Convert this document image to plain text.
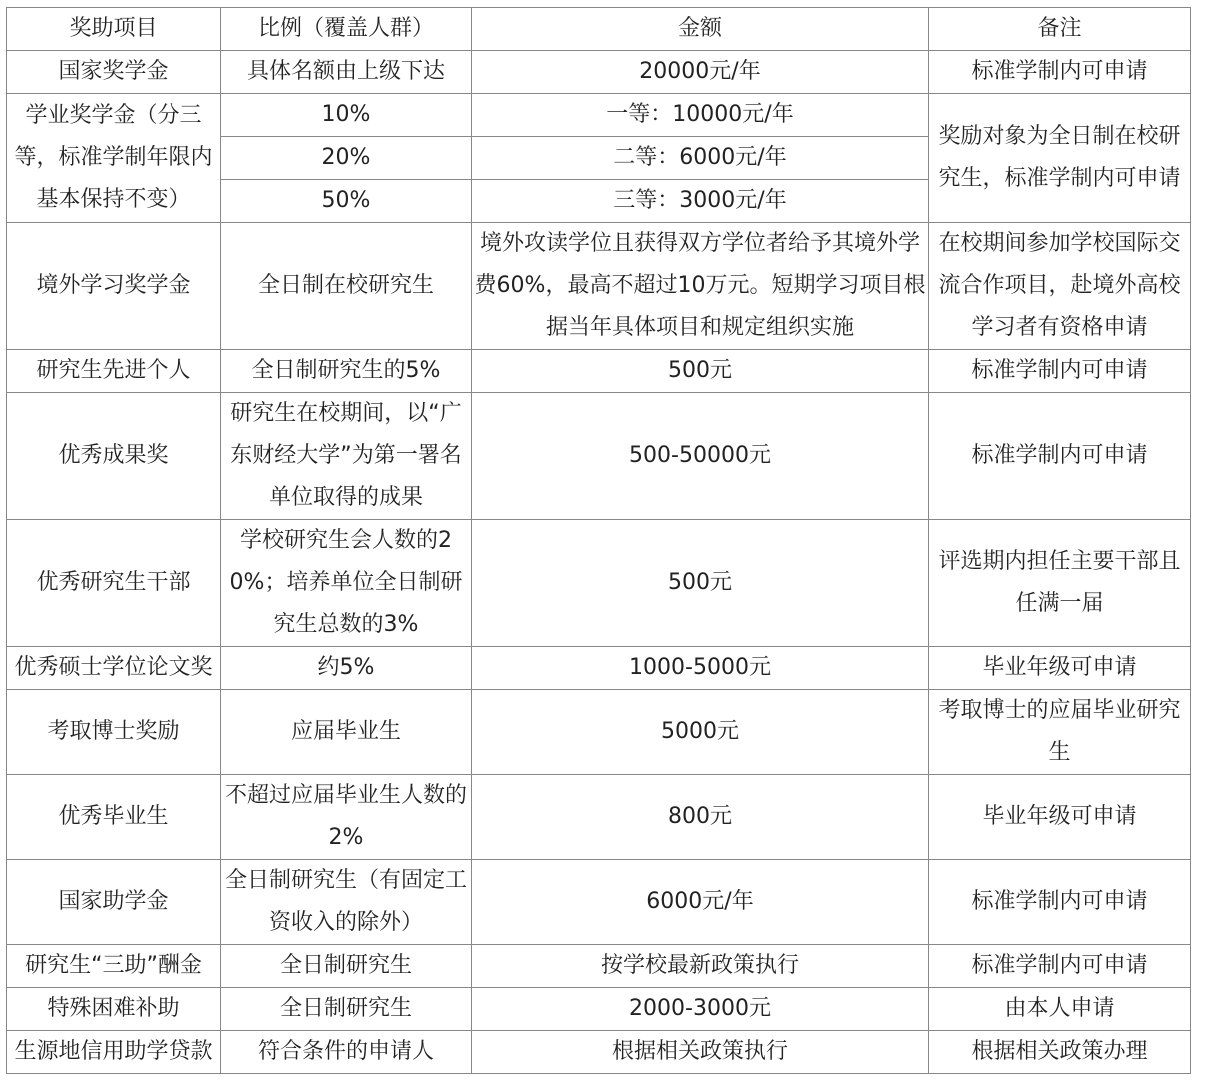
奖助项目	比例（覆盖人群）	金额	备注
国家奖学金	具体名额由上级下达	20000元/年	标准学制内可申请
学业奖学金（分三等，标准学制年限内基本保持不变）	10%	一等：10000元/年	奖励对象为全日制在校研究生，标准学制内可申请
	20%	二等：6000元/年	
	50%	三等：3000元/年	
境外学习奖学金	全日制在校研究生	境外攻读学位且获得双方学位者给予其境外学费60%，最高不超过10万元。短期学习项目根据当年具体项目和规定组织实施	在校期间参加学校国际交流合作项目，赴境外高校学习者有资格申请
研究生先进个人	全日制研究生的5%	500元	标准学制内可申请
优秀成果奖	研究生在校期间，以“广东财经大学”为第一署名单位取得的成果	500-50000元	标准学制内可申请
优秀研究生干部	学校研究生会人数的20%；培养单位全日制研究生总数的3%	500元	评选期内担任主要干部且任满一届
优秀硕士学位论文奖	约5%	1000-5000元	毕业年级可申请
考取博士奖励	应届毕业生	5000元	考取博士的应届毕业研究生
优秀毕业生	不超过应届毕业生人数的2%	800元	毕业年级可申请
国家助学金	全日制研究生（有固定工资收入的除外）	6000元/年	标准学制内可申请
研究生“三助”酬金	全日制研究生	按学校最新政策执行	标准学制内可申请
特殊困难补助	全日制研究生	2000-3000元	由本人申请
生源地信用助学贷款	符合条件的申请人	根据相关政策执行	根据相关政策办理
